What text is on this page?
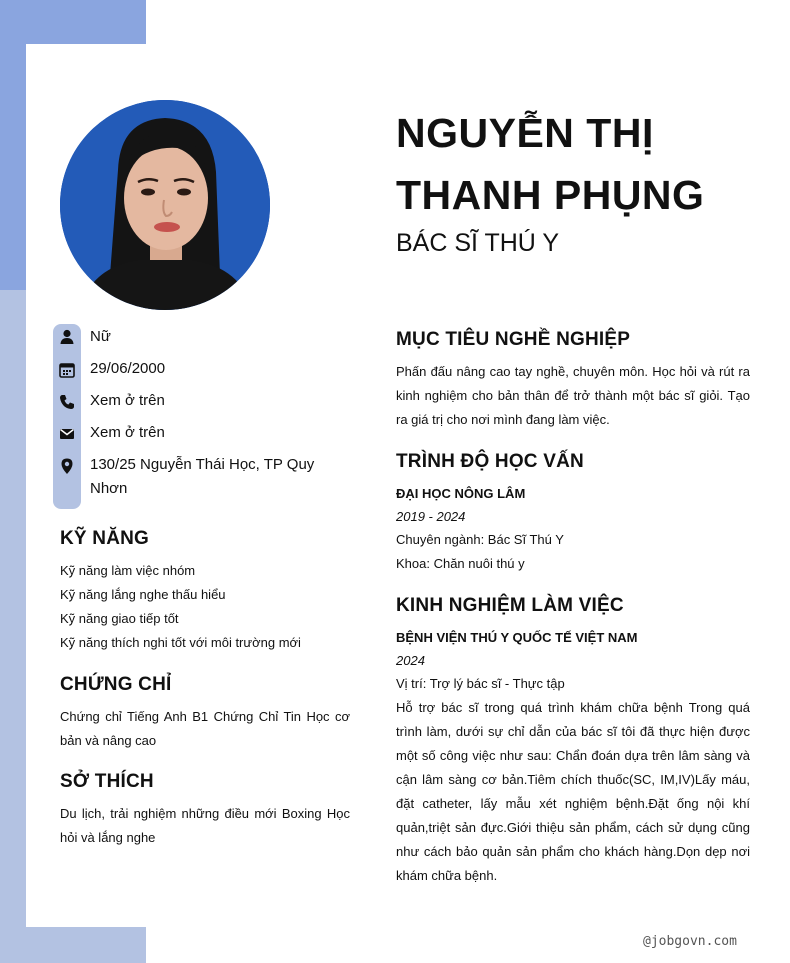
NGUYỄN THỊ
THANH PHỤNG
BÁC SĨ THÚ Y
Nữ
29/06/2000
Xem ở trên
Xem ở trên
130/25 Nguyễn Thái Học, TP Quy Nhơn
KỸ NĂNG
Kỹ năng làm việc nhóm
Kỹ năng lắng nghe thấu hiểu
Kỹ năng giao tiếp tốt
Kỹ năng thích nghi tốt với môi trường mới
CHỨNG CHỈ
Chứng chỉ Tiếng Anh B1 Chứng Chỉ Tin Học cơ bản và nâng cao
SỞ THÍCH
Du lịch, trải nghiệm những điều mới Boxing Học hỏi và lắng nghe
MỤC TIÊU NGHỀ NGHIỆP
Phấn đấu nâng cao tay nghề, chuyên môn. Học hỏi và rút ra kinh nghiệm cho bản thân để trở thành một bác sĩ giỏi. Tạo ra giá trị cho nơi mình đang làm việc.
TRÌNH ĐỘ HỌC VẤN
ĐẠI HỌC NÔNG LÂM
2019 - 2024
Chuyên ngành: Bác Sĩ Thú Y
Khoa: Chăn nuôi thú y
KINH NGHIỆM LÀM VIỆC
BỆNH VIỆN THÚ Y QUỐC TẾ VIỆT NAM
2024
Vị trí: Trợ lý bác sĩ - Thực tập
Hỗ trợ bác sĩ trong quá trình khám chữa bệnh Trong quá trình làm, dưới sự chỉ dẫn của bác sĩ tôi đã thực hiện được một số công việc như sau: Chẩn đoán dựa trên lâm sàng và cận lâm sàng cơ bản.Tiêm chích thuốc(SC, IM,IV)Lấy máu, đặt catheter, lấy mẫu xét nghiệm bệnh.Đặt ống nội khí quản,triệt sản đực.Giới thiệu sản phẩm, cách sử dụng cũng như cách bảo quản sản phẩm cho khách hàng.Dọn dẹp nơi khám chữa bệnh.
@jobgovn.com
